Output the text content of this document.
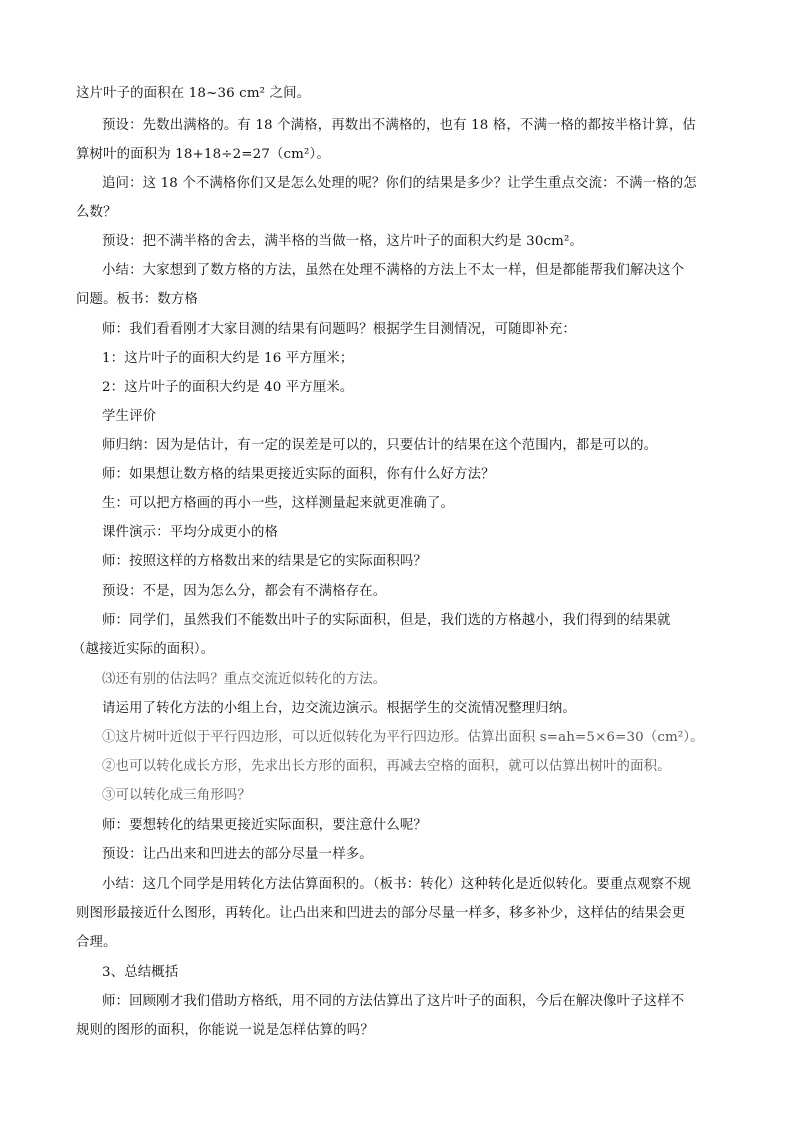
这片叶子的面积在 18~36 cm² 之间。
预设：先数出满格的。有 18 个满格，再数出不满格的，也有 18 格，不满一格的都按半格计算，估
算树叶的面积为 18+18÷2=27（cm²）。
追问：这 18 个不满格你们又是怎么处理的呢？你们的结果是多少？让学生重点交流：不满一格的怎
么数？
预设：把不满半格的舍去，满半格的当做一格，这片叶子的面积大约是 30cm²。
小结：大家想到了数方格的方法，虽然在处理不满格的方法上不太一样，但是都能帮我们解决这个
问题。板书：数方格
师：我们看看刚才大家目测的结果有问题吗？根据学生目测情况，可随即补充：
1：这片叶子的面积大约是 16 平方厘米；
2：这片叶子的面积大约是 40 平方厘米。
学生评价
师归纳：因为是估计，有一定的误差是可以的，只要估计的结果在这个范围内，都是可以的。
师：如果想让数方格的结果更接近实际的面积，你有什么好方法？
生：可以把方格画的再小一些，这样测量起来就更准确了。
课件演示：平均分成更小的格
师：按照这样的方格数出来的结果是它的实际面积吗？
预设：不是，因为怎么分，都会有不满格存在。
师：同学们，虽然我们不能数出叶子的实际面积，但是，我们选的方格越小，我们得到的结果就
（越接近实际的面积）。
⑶还有别的估法吗？重点交流近似转化的方法。
请运用了转化方法的小组上台，边交流边演示。根据学生的交流情况整理归纳。
①这片树叶近似于平行四边形，可以近似转化为平行四边形。估算出面积 s=ah=5×6=30（cm²）。
②也可以转化成长方形，先求出长方形的面积，再减去空格的面积，就可以估算出树叶的面积。
③可以转化成三角形吗？
师：要想转化的结果更接近实际面积，要注意什么呢？
预设：让凸出来和凹进去的部分尽量一样多。
小结：这几个同学是用转化方法估算面积的。（板书：转化）这种转化是近似转化。要重点观察不规
则图形最接近什么图形，再转化。让凸出来和凹进去的部分尽量一样多，移多补少，这样估的结果会更
合理。
3、总结概括
师：回顾刚才我们借助方格纸，用不同的方法估算出了这片叶子的面积，今后在解决像叶子这样不
规则的图形的面积，你能说一说是怎样估算的吗？
